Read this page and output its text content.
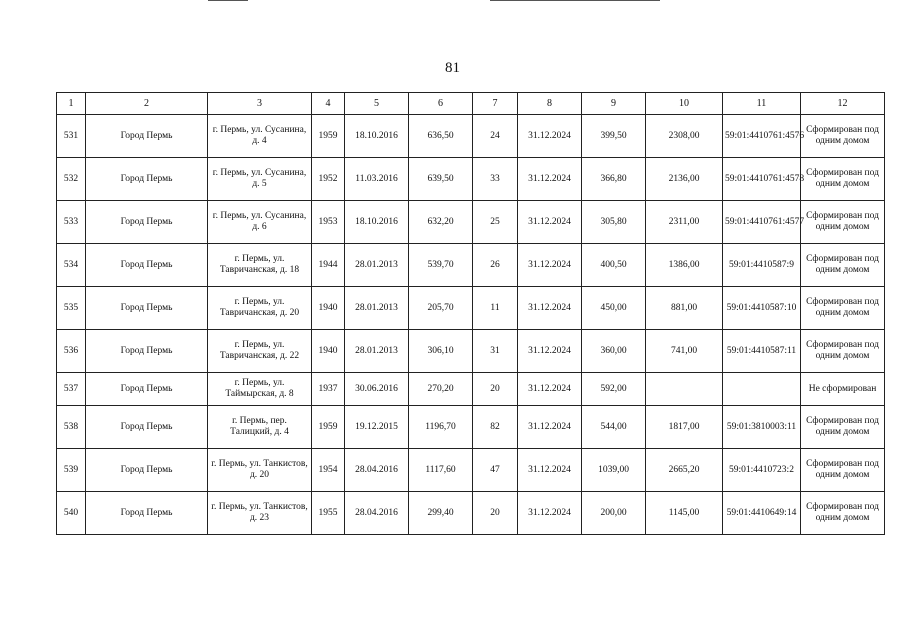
81
1	2	3	4	5	6	7	8	9	10	11	12
531	Город Пермь	г. Пермь, ул. Сусанина, д. 4	1959	18.10.2016	636,50	24	31.12.2024	399,50	2308,00	59:01:4410761:4576	Сформирован под одним домом
532	Город Пермь	г. Пермь, ул. Сусанина, д. 5	1952	11.03.2016	639,50	33	31.12.2024	366,80	2136,00	59:01:4410761:4578	Сформирован под одним домом
533	Город Пермь	г. Пермь, ул. Сусанина, д. 6	1953	18.10.2016	632,20	25	31.12.2024	305,80	2311,00	59:01:4410761:4577	Сформирован под одним домом
534	Город Пермь	г. Пермь, ул. Тавричанская, д. 18	1944	28.01.2013	539,70	26	31.12.2024	400,50	1386,00	59:01:4410587:9	Сформирован под одним домом
535	Город Пермь	г. Пермь, ул. Тавричанская, д. 20	1940	28.01.2013	205,70	11	31.12.2024	450,00	881,00	59:01:4410587:10	Сформирован под одним домом
536	Город Пермь	г. Пермь, ул. Тавричанская, д. 22	1940	28.01.2013	306,10	31	31.12.2024	360,00	741,00	59:01:4410587:11	Сформирован под одним домом
537	Город Пермь	г. Пермь, ул. Таймырская, д. 8	1937	30.06.2016	270,20	20	31.12.2024	592,00			Не сформирован
538	Город Пермь	г. Пермь, пер. Талицкий, д. 4	1959	19.12.2015	1196,70	82	31.12.2024	544,00	1817,00	59:01:3810003:11	Сформирован под одним домом
539	Город Пермь	г. Пермь, ул. Танкистов, д. 20	1954	28.04.2016	1117,60	47	31.12.2024	1039,00	2665,20	59:01:4410723:2	Сформирован под одним домом
540	Город Пермь	г. Пермь, ул. Танкистов, д. 23	1955	28.04.2016	299,40	20	31.12.2024	200,00	1145,00	59:01:4410649:14	Сформирован под одним домом
